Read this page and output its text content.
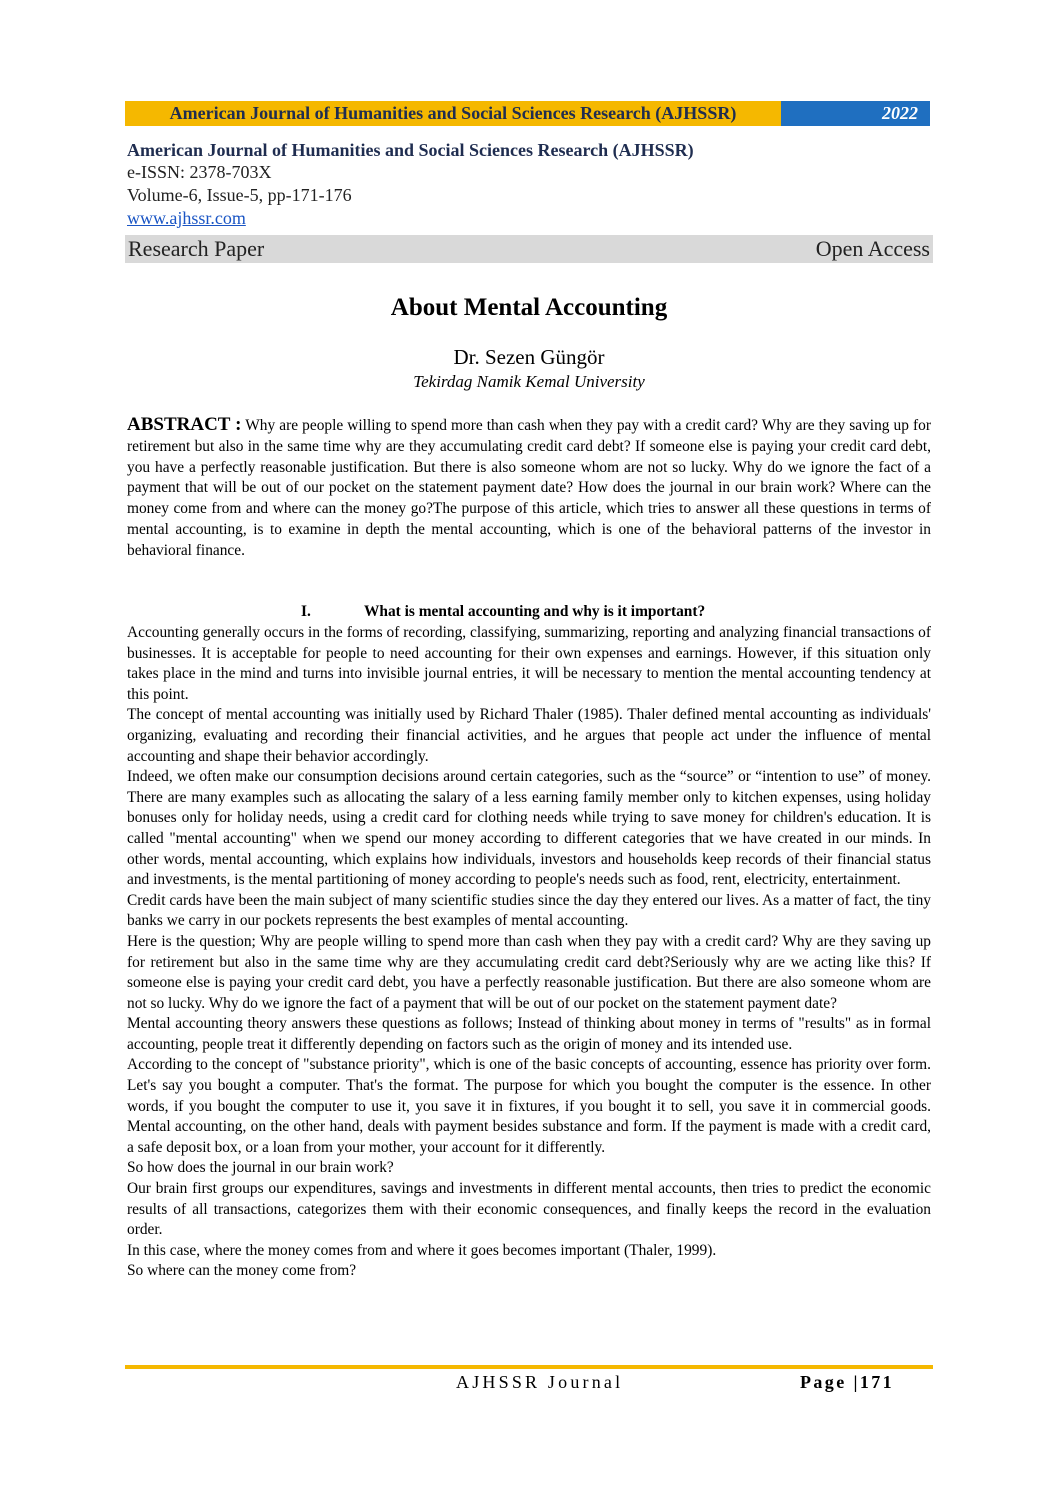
American Journal of Humanities and Social Sciences Research (AJHSSR)	2022
American Journal of Humanities and Social Sciences Research (AJHSSR)
e-ISSN: 2378-703X
Volume-6, Issue-5, pp-171-176
www.ajhssr.com
Research Paper	Open Access
About Mental Accounting
Dr. Sezen Güngör
Tekirdag Namik Kemal University
ABSTRACT : Why are people willing to spend more than cash when they pay with a credit card? Why are they saving up for retirement but also in the same time why are they accumulating credit card debt? If someone else is paying your credit card debt, you have a perfectly reasonable justification. But there is also someone whom are not so lucky. Why do we ignore the fact of a payment that will be out of our pocket on the statement payment date? How does the journal in our brain work? Where can the money come from and where can the money go?The purpose of this article, which tries to answer all these questions in terms of mental accounting, is to examine in depth the mental accounting, which is one of the behavioral patterns of the investor in behavioral finance.
I.	What is mental accounting and why is it important?

Accounting generally occurs in the forms of recording, classifying, summarizing, reporting and analyzing financial transactions of businesses. It is acceptable for people to need accounting for their own expenses and earnings. However, if this situation only takes place in the mind and turns into invisible journal entries, it will be necessary to mention the mental accounting tendency at this point.

The concept of mental accounting was initially used by Richard Thaler (1985). Thaler defined mental accounting as individuals' organizing, evaluating and recording their financial activities, and he argues that people act under the influence of mental accounting and shape their behavior accordingly.

Indeed, we often make our consumption decisions around certain categories, such as the “source” or “intention to use” of money. There are many examples such as allocating the salary of a less earning family member only to kitchen expenses, using holiday bonuses only for holiday needs, using a credit card for clothing needs while trying to save money for children's education. It is called "mental accounting" when we spend our money according to different categories that we have created in our minds. In other words, mental accounting, which explains how individuals, investors and households keep records of their financial status and investments, is the mental partitioning of money according to people's needs such as food, rent, electricity, entertainment.

Credit cards have been the main subject of many scientific studies since the day they entered our lives. As a matter of fact, the tiny banks we carry in our pockets represents the best examples of mental accounting.

Here is the question; Why are people willing to spend more than cash when they pay with a credit card? Why are they saving up for retirement but also in the same time why are they accumulating credit card debt?Seriously why are we acting like this? If someone else is paying your credit card debt, you have a perfectly reasonable justification. But there are also someone whom are not so lucky. Why do we ignore the fact of a payment that will be out of our pocket on the statement payment date?

Mental accounting theory answers these questions as follows; Instead of thinking about money in terms of "results" as in formal accounting, people treat it differently depending on factors such as the origin of money and its intended use.

According to the concept of "substance priority", which is one of the basic concepts of accounting, essence has priority over form. Let's say you bought a computer. That's the format. The purpose for which you bought the computer is the essence. In other words, if you bought the computer to use it, you save it in fixtures, if you bought it to sell, you save it in commercial goods. Mental accounting, on the other hand, deals with payment besides substance and form. If the payment is made with a credit card, a safe deposit box, or a loan from your mother, your account for it differently.

So how does the journal in our brain work?

Our brain first groups our expenditures, savings and investments in different mental accounts, then tries to predict the economic results of all transactions, categorizes them with their economic consequences, and finally keeps the record in the evaluation order.

In this case, where the money comes from and where it goes becomes important (Thaler, 1999).

So where can the money come from?

AJHSSR Journal	Page |171
